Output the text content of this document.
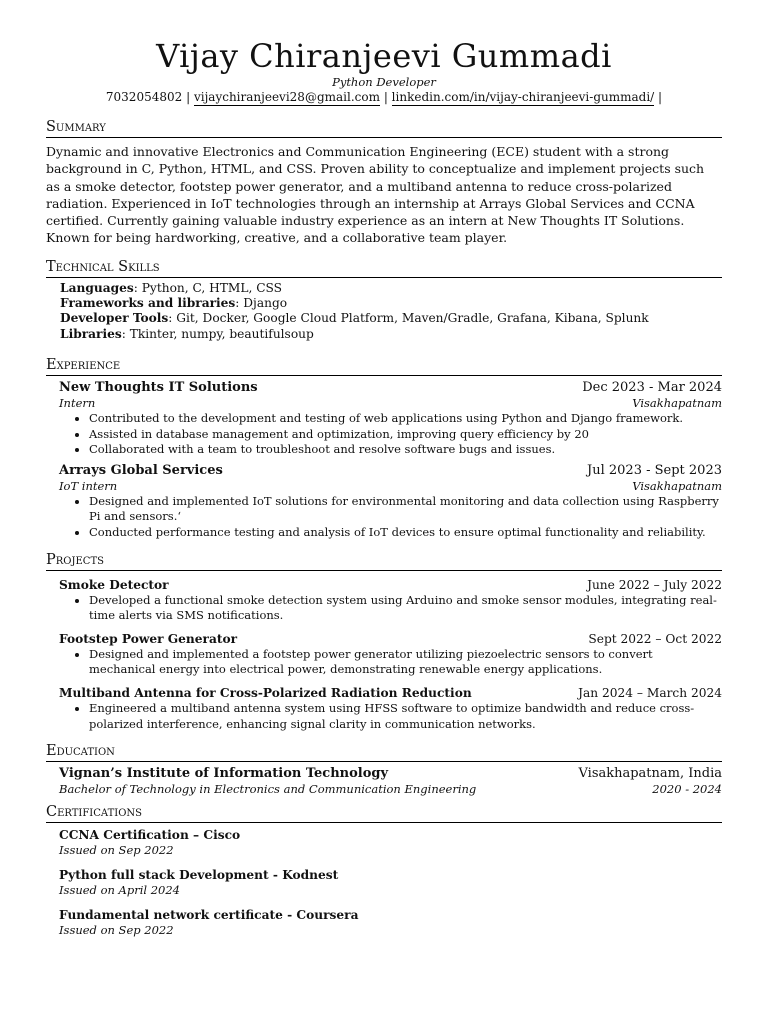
Vijay Chiranjeevi Gummadi
Python Developer
7032054802 | vijaychiranjeevi28@gmail.com | linkedin.com/in/vijay-chiranjeevi-gummadi/ |
Summary
Dynamic and innovative Electronics and Communication Engineering (ECE) student with a strong background in C, Python, HTML, and CSS. Proven ability to conceptualize and implement projects such as a smoke detector, footstep power generator, and a multiband antenna to reduce cross-polarized radiation. Experienced in IoT technologies through an internship at Arrays Global Services and CCNA certified. Currently gaining valuable industry experience as an intern at New Thoughts IT Solutions. Known for being hardworking, creative, and a collaborative team player.
Technical Skills
Languages: Python, C, HTML, CSS
Frameworks and libraries: Django
Developer Tools: Git, Docker, Google Cloud Platform, Maven/Gradle, Grafana, Kibana, Splunk
Libraries: Tkinter, numpy, beautifulsoup
Experience
New Thoughts IT Solutions	Dec 2023 - Mar 2024
Intern	Visakhapatnam
• Contributed to the development and testing of web applications using Python and Django framework.
• Assisted in database management and optimization, improving query efficiency by 20
• Collaborated with a team to troubleshoot and resolve software bugs and issues.
Arrays Global Services	Jul 2023 - Sept 2023
IoT intern	Visakhapatnam
• Designed and implemented IoT solutions for environmental monitoring and data collection using Raspberry Pi and sensors.‘
• Conducted performance testing and analysis of IoT devices to ensure optimal functionality and reliability.
Projects
Smoke Detector	June 2022 – July 2022
• Developed a functional smoke detection system using Arduino and smoke sensor modules, integrating real-time alerts via SMS notifications.
Footstep Power Generator	Sept 2022 – Oct 2022
• Designed and implemented a footstep power generator utilizing piezoelectric sensors to convert mechanical energy into electrical power, demonstrating renewable energy applications.
Multiband Antenna for Cross-Polarized Radiation Reduction	Jan 2024 – March 2024
• Engineered a multiband antenna system using HFSS software to optimize bandwidth and reduce cross-polarized interference, enhancing signal clarity in communication networks.
Education
Vignan’s Institute of Information Technology	Visakhapatnam, India
Bachelor of Technology in Electronics and Communication Engineering	2020 - 2024
Certifications
CCNA Certification – Cisco
Issued on Sep 2022
Python full stack Development - Kodnest
Issued on April 2024
Fundamental network certificate - Coursera
Issued on Sep 2022
